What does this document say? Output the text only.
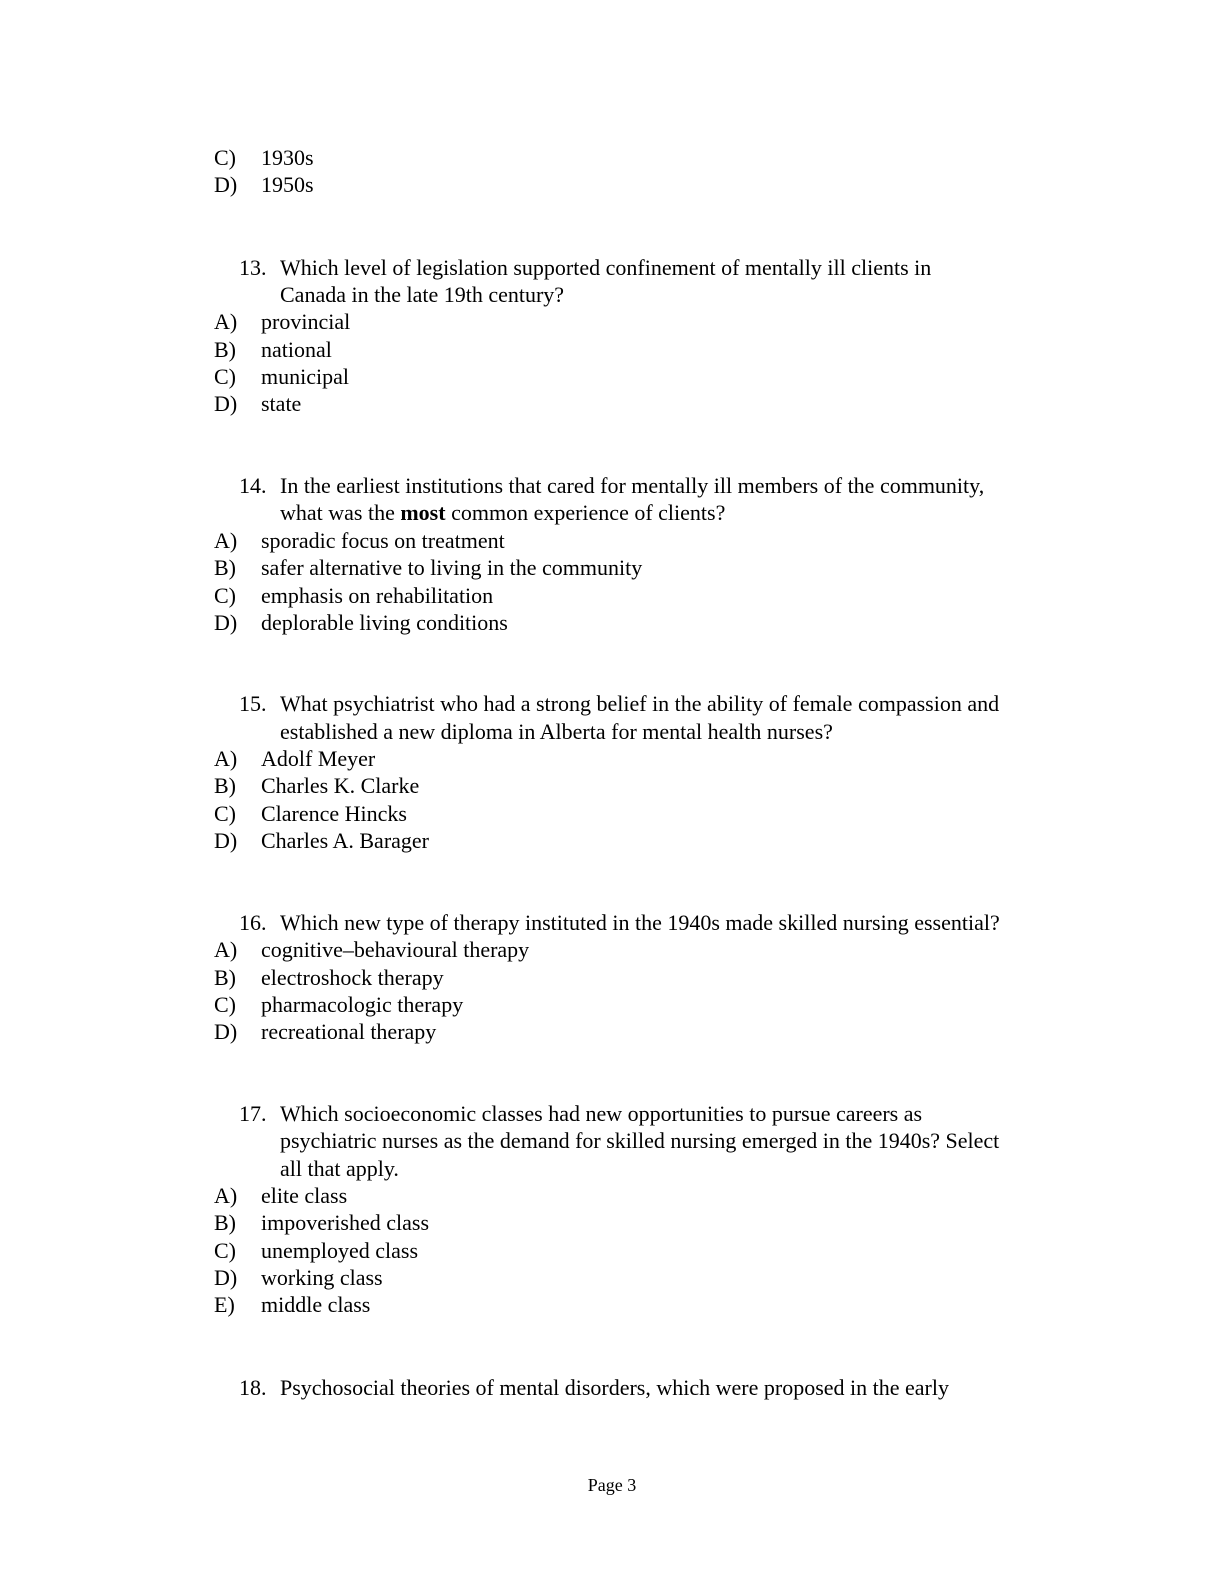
C) 1930s
D) 1950s
13. Which level of legislation supported confinement of mentally ill clients in
Canada in the late 19th century?
A) provincial
B) national
C) municipal
D) state
14. In the earliest institutions that cared for mentally ill members of the community,
what was the most common experience of clients?
A) sporadic focus on treatment
B) safer alternative to living in the community
C) emphasis on rehabilitation
D) deplorable living conditions
15. What psychiatrist who had a strong belief in the ability of female compassion and
established a new diploma in Alberta for mental health nurses?
A) Adolf Meyer
B) Charles K. Clarke
C) Clarence Hincks
D) Charles A. Barager
16. Which new type of therapy instituted in the 1940s made skilled nursing essential?
A) cognitive–behavioural therapy
B) electroshock therapy
C) pharmacologic therapy
D) recreational therapy
17. Which socioeconomic classes had new opportunities to pursue careers as
psychiatric nurses as the demand for skilled nursing emerged in the 1940s? Select
all that apply.
A) elite class
B) impoverished class
C) unemployed class
D) working class
E) middle class
18. Psychosocial theories of mental disorders, which were proposed in the early
Page 3
